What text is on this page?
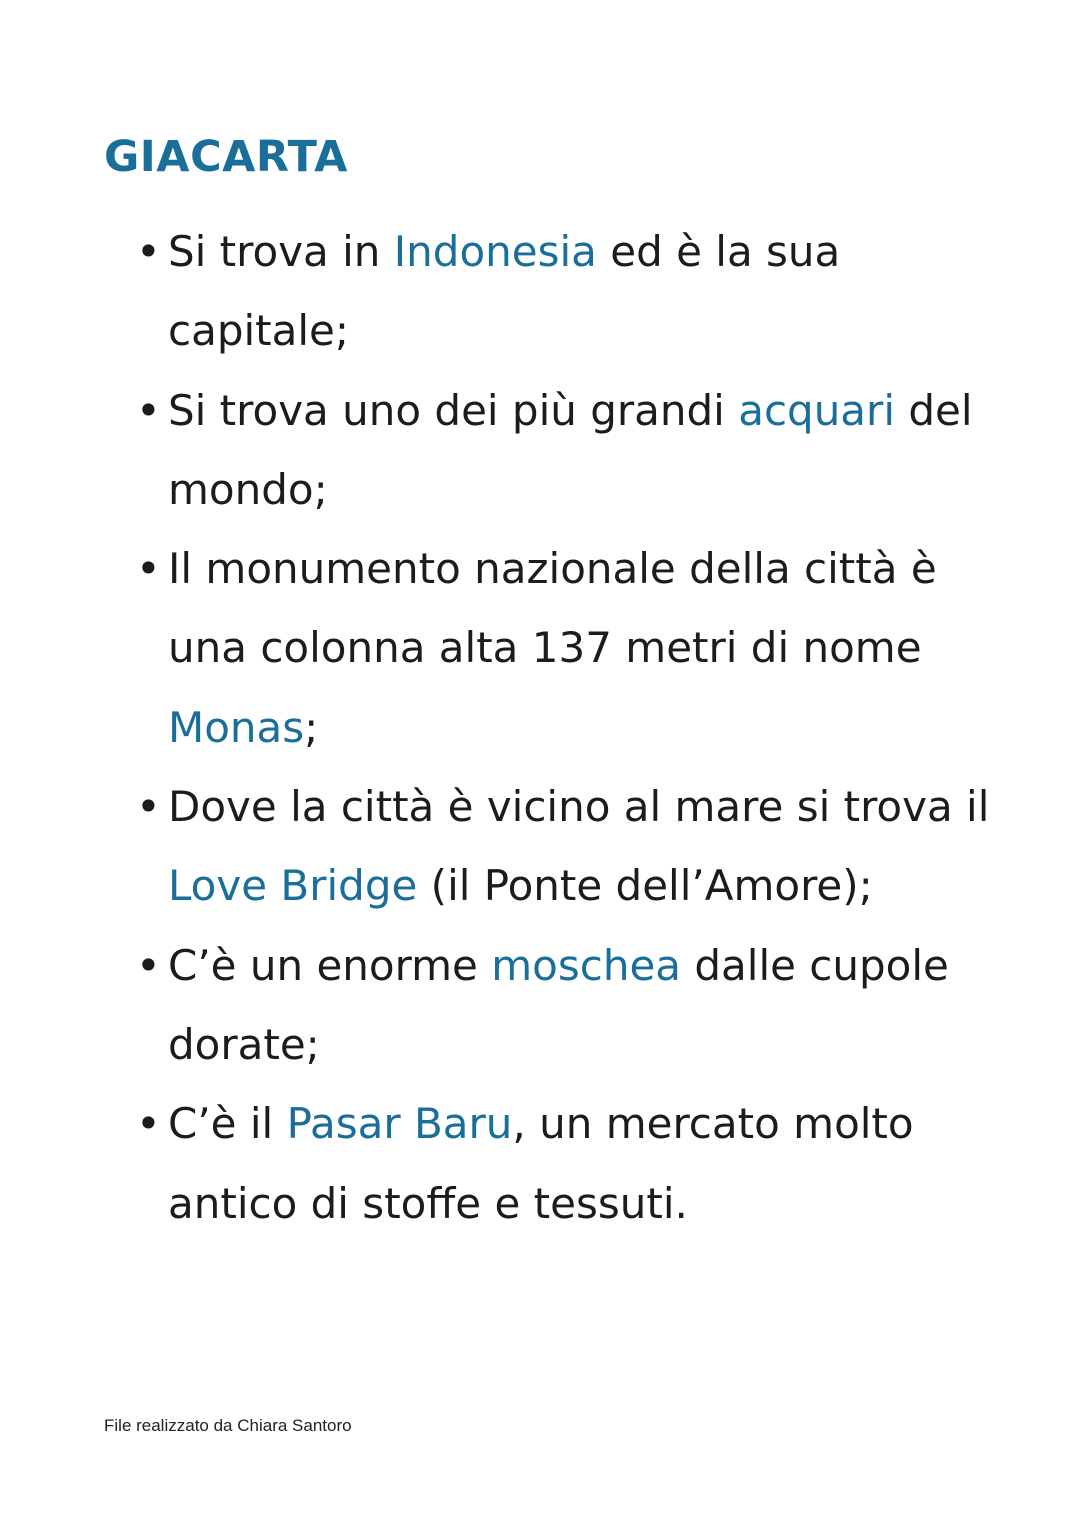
GIACARTA
• Si trova in Indonesia ed è la sua capitale;
• Si trova uno dei più grandi acquari del mondo;
• Il monumento nazionale della città è una colonna alta 137 metri di nome Monas;
• Dove la città è vicino al mare si trova il Love Bridge (il Ponte dell’Amore);
• C’è un enorme moschea dalle cupole dorate;
• C’è il Pasar Baru, un mercato molto antico di stoffe e tessuti.
File realizzato da Chiara Santoro
